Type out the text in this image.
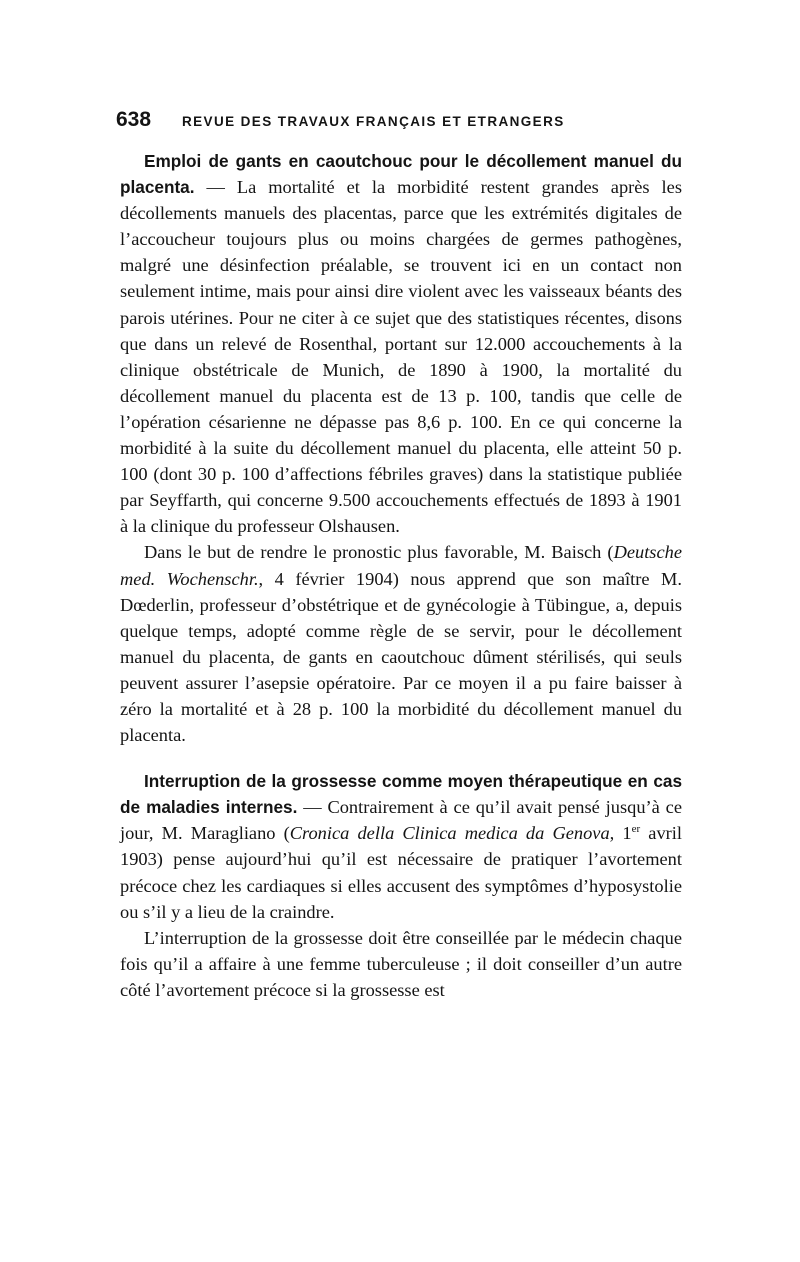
638	REVUE DES TRAVAUX FRANÇAIS ET ETRANGERS

Emploi de gants en caoutchouc pour le décollement manuel du placenta. — La mortalité et la morbidité restent grandes après les décollements manuels des placentas, parce que les extrémités digitales de l’accoucheur toujours plus ou moins chargées de germes pathogènes, malgré une désinfection préalable, se trouvent ici en un contact non seulement intime, mais pour ainsi dire violent avec les vaisseaux béants des parois utérines. Pour ne citer à ce sujet que des statistiques récentes, disons que dans un relevé de Rosenthal, portant sur 12.000 accouchements à la clinique obstétricale de Munich, de 1890 à 1900, la mortalité du décollement manuel du placenta est de 13 p. 100, tandis que celle de l’opération césarienne ne dépasse pas 8,6 p. 100. En ce qui concerne la morbidité à la suite du décollement manuel du placenta, elle atteint 50 p. 100 (dont 30 p. 100 d’affections fébriles graves) dans la statistique publiée par Seyffarth, qui concerne 9.500 accouchements effectués de 1893 à 1901 à la clinique du professeur Olshausen.

Dans le but de rendre le pronostic plus favorable, M. Baisch (Deutsche med. Wochenschr., 4 février 1904) nous apprend que son maître M. Dœderlin, professeur d’obstétrique et de gynécologie à Tübingue, a, depuis quelque temps, adopté comme règle de se servir, pour le décollement manuel du placenta, de gants en caoutchouc dûment stérilisés, qui seuls peuvent assurer l’asepsie opératoire. Par ce moyen il a pu faire baisser à zéro la mortalité et à 28 p. 100 la morbidité du décollement manuel du placenta.

Interruption de la grossesse comme moyen thérapeutique en cas de maladies internes. — Contrairement à ce qu’il avait pensé jusqu’à ce jour, M. Maragliano (Cronica della Clinica medica da Genova, 1er avril 1903) pense aujourd’hui qu’il est nécessaire de pratiquer l’avortement précoce chez les cardiaques si elles accusent des symptômes d’hyposystolie ou s’il y a lieu de la craindre.

L’interruption de la grossesse doit être conseillée par le médecin chaque fois qu’il a affaire à une femme tuberculeuse ; il doit conseiller d’un autre côté l’avortement précoce si la grossesse est
